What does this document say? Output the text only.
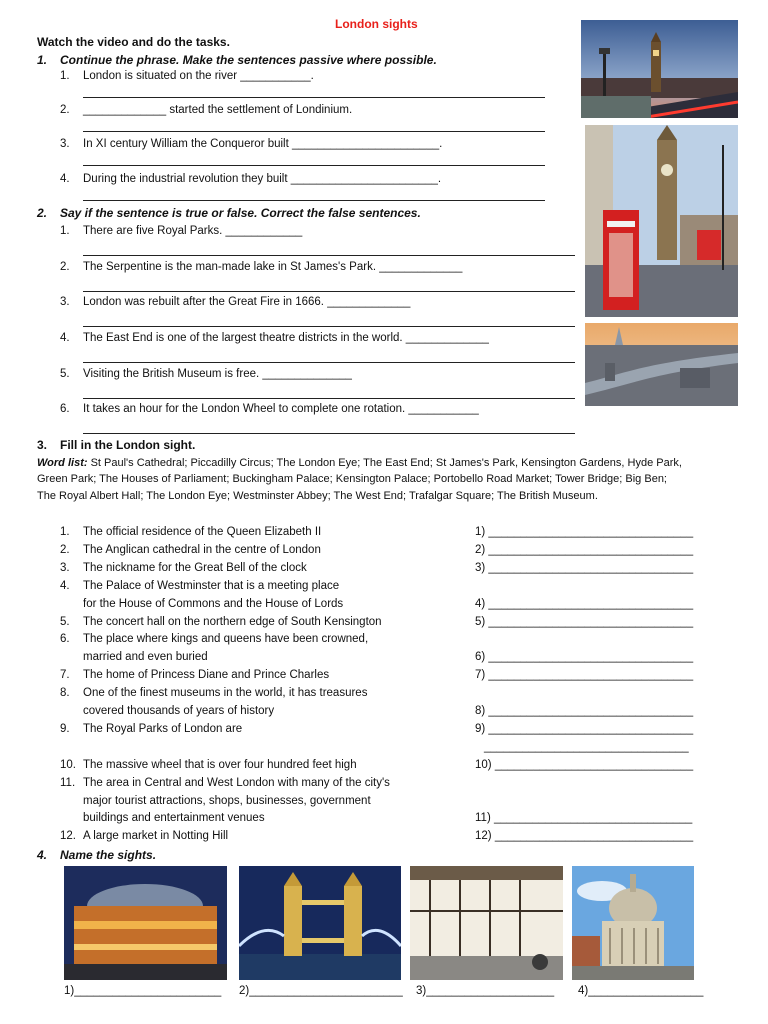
London sights
Watch the video and do the tasks.
1. Continue the phrase. Make the sentences passive where possible.
1. London is situated on the river ___________.
2. _____________ started the settlement of Londinium.
3. In XI century William the Conqueror built _______________________.
4. During the industrial revolution they built _______________________.
2. Say if the sentence is true or false. Correct the false sentences.
1. There are five Royal Parks. ____________
2. The Serpentine is the man-made lake in St James's Park. _____________
3. London was rebuilt after the Great Fire in 1666. _____________
4. The East End is one of the largest theatre districts in the world. _____________
5. Visiting the British Museum is free. ______________
6. It takes an hour for the London Wheel to complete one rotation. ___________
3. Fill in the London sight.
Word list: St Paul's Cathedral; Piccadilly Circus; The London Eye; The East End; St James's Park, Kensington Gardens, Hyde Park,
Green Park; The Houses of Parliament; Buckingham Palace; Kensington Palace; Portobello Road Market; Tower Bridge; Big Ben;
The Royal Albert Hall; The London Eye; Westminster Abbey; The West End; Trafalgar Square; The British Museum.
1. The official residence of the Queen Elizabeth II	1) ________________________________
2. The Anglican cathedral in the centre of London	2) ________________________________
3. The nickname for the Great Bell of the clock	3) ________________________________
4. The Palace of Westminster that is a meeting place
for the House of Commons and the House of Lords	4) ________________________________
5. The concert hall on the northern edge of South Kensington	5) ________________________________
6. The place where kings and queens have been crowned,
married and even buried	6) ________________________________
7. The home of Princess Diane and Prince Charles	7) ________________________________
8. One of the finest museums in the world, it has treasures
covered thousands of years of history	8) ________________________________
9. The Royal Parks of London are	9) ________________________________
________________________________
10. The massive wheel that is over four hundred feet high	10) _______________________________
11. The area in Central and West London with many of the city's
major tourist attractions, shops, businesses, government
buildings and entertainment venues	11) _______________________________
12. A large market in Notting Hill	12) _______________________________
4. Name the sights.
1)_______________________ 2)________________________ 3)____________________ 4)__________________
